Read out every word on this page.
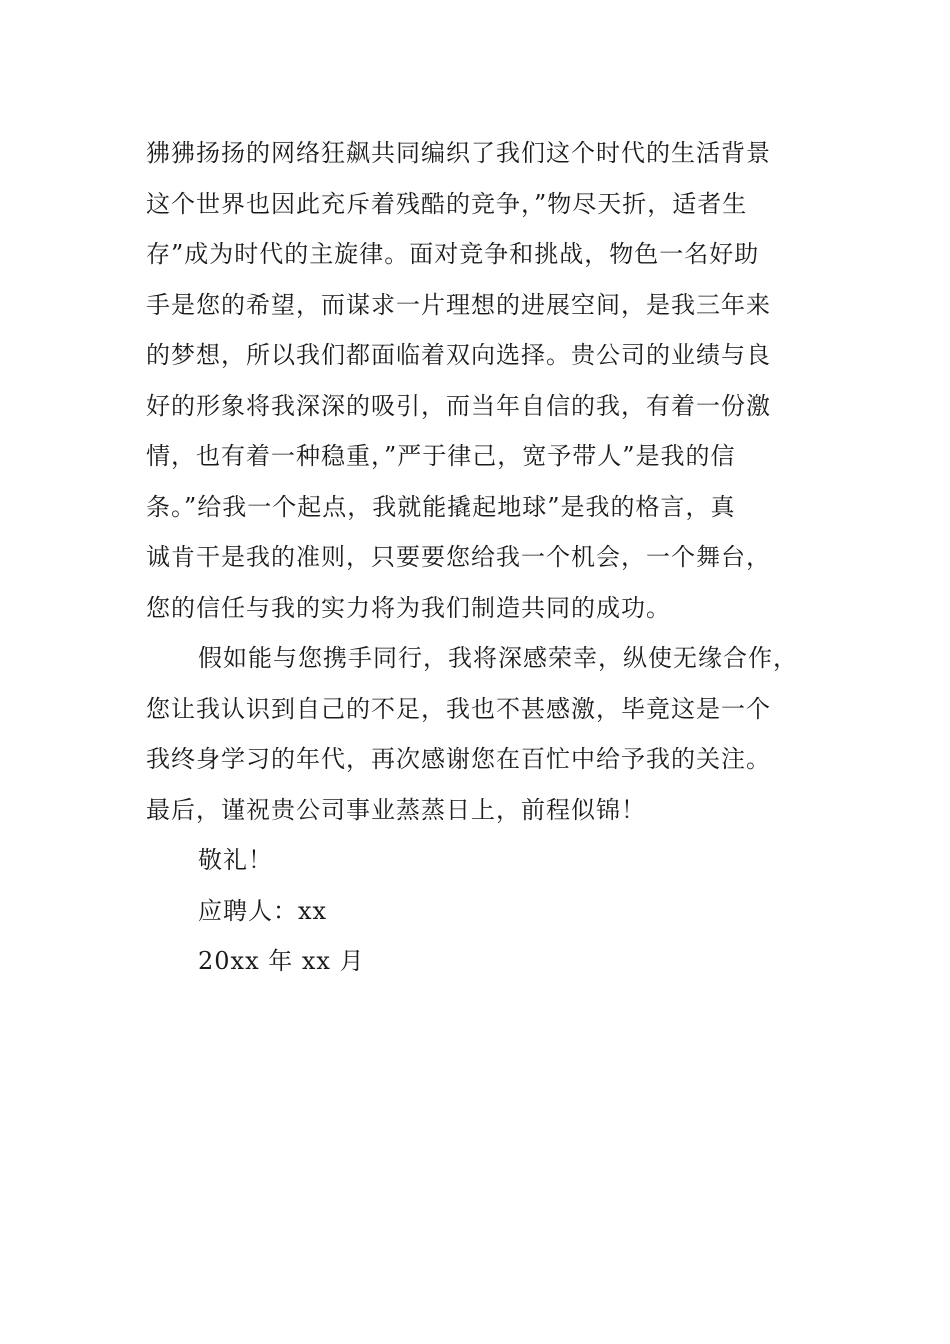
狒狒扬扬的网络狂飙共同编织了我们这个时代的生活背景
这个世界也因此充斥着残酷的竞争，”物尽天折，适者生
存”成为时代的主旋律。面对竞争和挑战，物色一名好助
手是您的希望，而谋求一片理想的进展空间，是我三年来
的梦想，所以我们都面临着双向选择。贵公司的业绩与良
好的形象将我深深的吸引，而当年自信的我，有着一份激
情，也有着一种稳重，”严于律己，宽予带人”是我的信
条。”给我一个起点，我就能撬起地球”是我的格言，真
诚肯干是我的准则，只要要您给我一个机会，一个舞台，
您的信任与我的实力将为我们制造共同的成功。
假如能与您携手同行，我将深感荣幸，纵使无缘合作，
您让我认识到自己的不足，我也不甚感激，毕竟这是一个
我终身学习的年代，再次感谢您在百忙中给予我的关注。
最后，谨祝贵公司事业蒸蒸日上，前程似锦！
敬礼！
应聘人：xx
20xx 年 xx 月
